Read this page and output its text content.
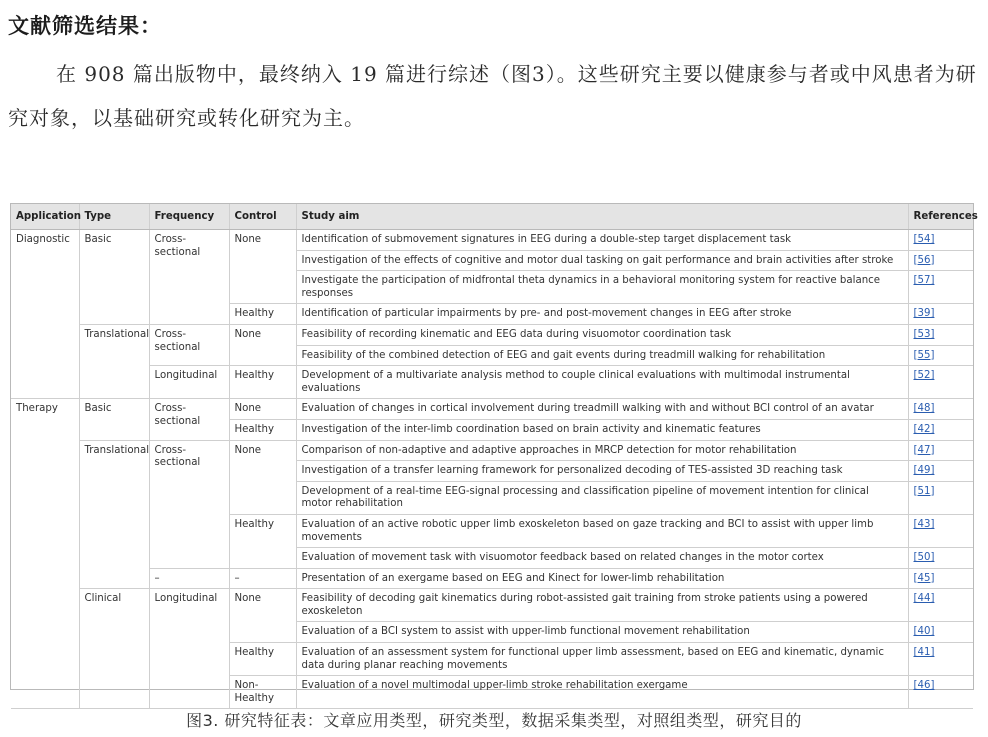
文献筛选结果：
在 908 篇出版物中，最终纳入 19 篇进行综述（图3）。这些研究主要以健康参与者或中风患者为研究对象，以基础研究或转化研究为主。
Application	Type	Frequency	Control	Study aim	References
Diagnostic	Basic	Cross-sectional	None	Identification of submovement signatures in EEG during a double-step target displacement task	[54]
				Investigation of the effects of cognitive and motor dual tasking on gait performance and brain activities after stroke	[56]
				Investigate the participation of midfrontal theta dynamics in a behavioral monitoring system for reactive balance responses	[57]
			Healthy	Identification of particular impairments by pre- and post-movement changes in EEG after stroke	[39]
	Translational	Cross-sectional	None	Feasibility of recording kinematic and EEG data during visuomotor coordination task	[53]
				Feasibility of the combined detection of EEG and gait events during treadmill walking for rehabilitation	[55]
		Longitudinal	Healthy	Development of a multivariate analysis method to couple clinical evaluations with multimodal instrumental evaluations	[52]
Therapy	Basic	Cross-sectional	None	Evaluation of changes in cortical involvement during treadmill walking with and without BCI control of an avatar	[48]
			Healthy	Investigation of the inter-limb coordination based on brain activity and kinematic features	[42]
	Translational	Cross-sectional	None	Comparison of non-adaptive and adaptive approaches in MRCP detection for motor rehabilitation	[47]
				Investigation of a transfer learning framework for personalized decoding of TES-assisted 3D reaching task	[49]
				Development of a real-time EEG-signal processing and classification pipeline of movement intention for clinical motor rehabilitation	[51]
			Healthy	Evaluation of an active robotic upper limb exoskeleton based on gaze tracking and BCI to assist with upper limb movements	[43]
				Evaluation of movement task with visuomotor feedback based on related changes in the motor cortex	[50]
		–	–	Presentation of an exergame based on EEG and Kinect for lower-limb rehabilitation	[45]
	Clinical	Longitudinal	None	Feasibility of decoding gait kinematics during robot-assisted gait training from stroke patients using a powered exoskeleton	[44]
				Evaluation of a BCI system to assist with upper-limb functional movement rehabilitation	[40]
			Healthy	Evaluation of an assessment system for functional upper limb assessment, based on EEG and kinematic, dynamic data during planar reaching movements	[41]
			Non-Healthy	Evaluation of a novel multimodal upper-limb stroke rehabilitation exergame	[46]
图3. 研究特征表：文章应用类型，研究类型，数据采集类型，对照组类型，研究目的
